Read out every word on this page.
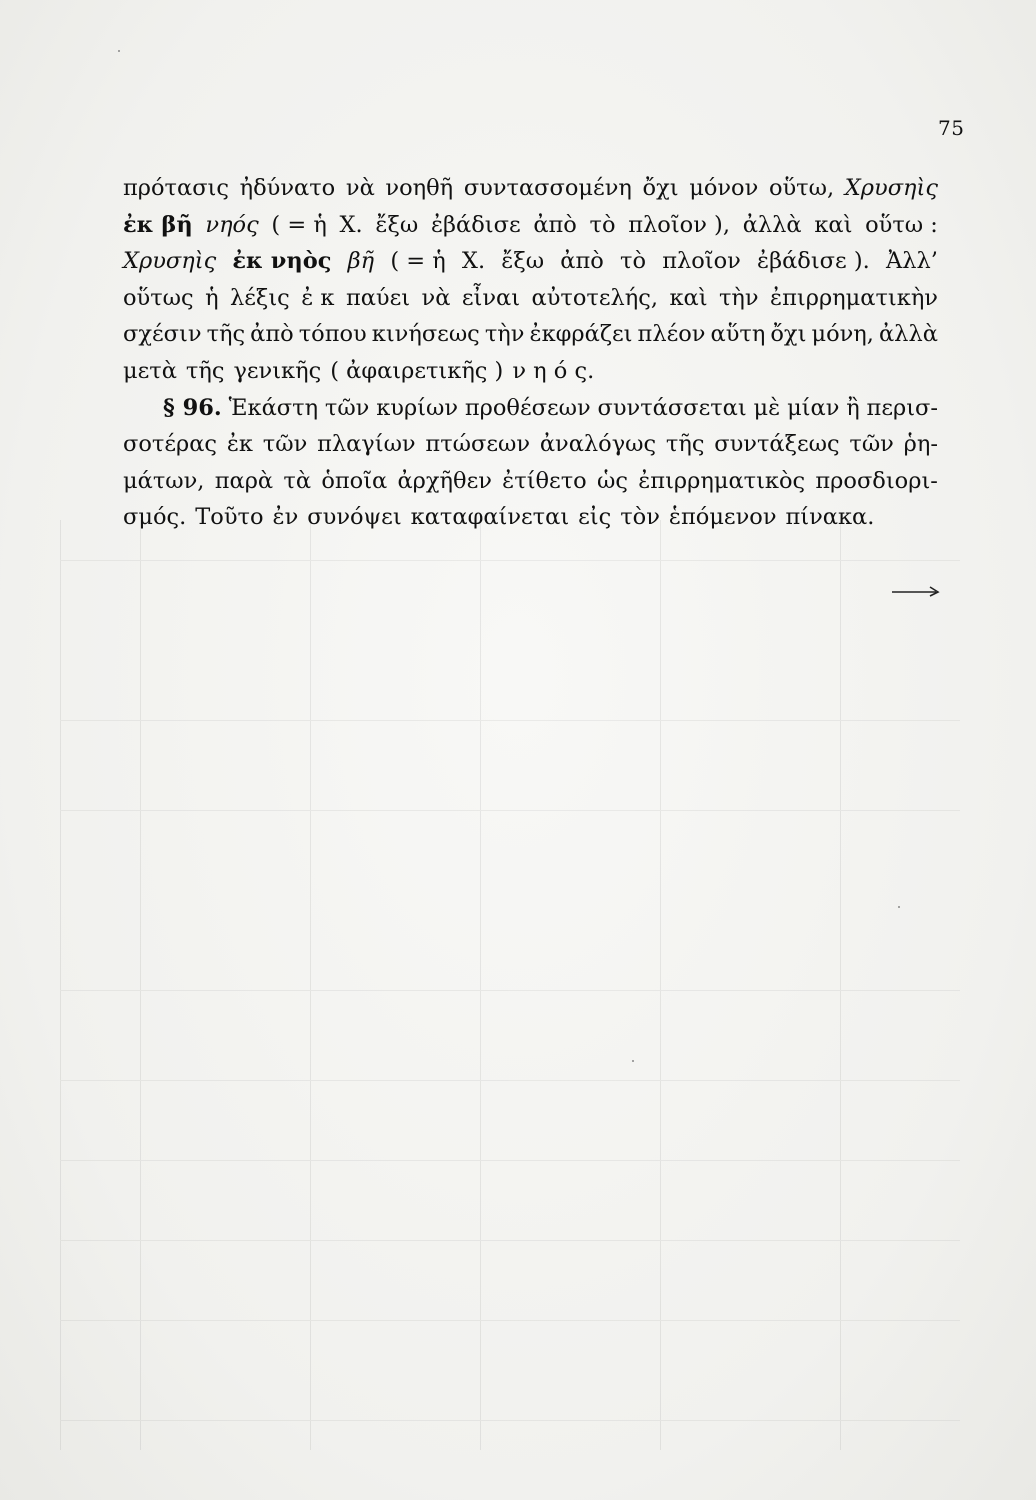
75
πρότασις ἠδύνατο νὰ νοηθῆ συντασσομένη ὄχι μόνον οὕτω, Χρυσηὶς
ἐκ βῆ νηός ( = ἡ Χ. ἔξω ἐβάδισε ἀπὸ τὸ πλοῖον ), ἀλλὰ καὶ οὕτω :
Χρυσηὶς ἐκ νηὸς βῆ ( = ἡ Χ. ἔξω ἀπὸ τὸ πλοῖον ἐβάδισε ). Ἀλλ’
οὕτως ἡ λέξις ἐ κ παύει νὰ εἶναι αὐτοτελής, καὶ τὴν ἐπιρρηματικὴν
σχέσιν τῆς ἀπὸ τόπου κινήσεως τὴν ἐκφράζει πλέον αὕτη ὄχι μόνη, ἀλλὰ
μετὰ τῆς γενικῆς ( ἀφαιρετικῆς ) ν η ό ς.
§ 96. Ἑκάστη τῶν κυρίων προθέσεων συντάσσεται μὲ μίαν ἢ περισ-
σοτέρας ἐκ τῶν πλαγίων πτώσεων ἀναλόγως τῆς συντάξεως τῶν ῥη-
μάτων, παρὰ τὰ ὁποῖα ἀρχῆθεν ἐτίθετο ὡς ἐπιρρηματικὸς προσδιορι-
σμός. Τοῦτο ἐν συνόψει καταφαίνεται εἰς τὸν ἑπόμενον πίνακα.
